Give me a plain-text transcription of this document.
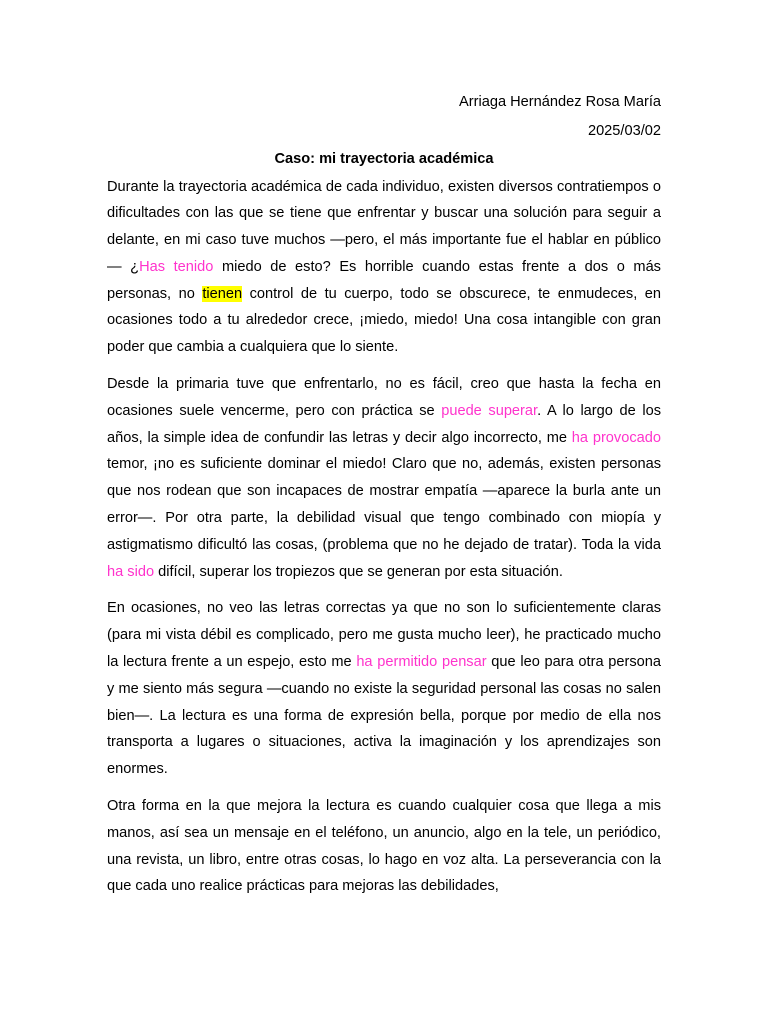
Arriaga Hernández Rosa María
2025/03/02
Caso: mi trayectoria académica

Durante la trayectoria académica de cada individuo, existen diversos contratiempos o dificultades con las que se tiene que enfrentar y buscar una solución para seguir a delante, en mi caso tuve muchos —pero, el más importante fue el hablar en público— ¿Has tenido miedo de esto? Es horrible cuando estas frente a dos o más personas, no tienen control de tu cuerpo, todo se obscurece, te enmudeces, en ocasiones todo a tu alrededor crece, ¡miedo, miedo! Una cosa intangible con gran poder que cambia a cualquiera que lo siente.

Desde la primaria tuve que enfrentarlo, no es fácil, creo que hasta la fecha en ocasiones suele vencerme, pero con práctica se puede superar. A lo largo de los años, la simple idea de confundir las letras y decir algo incorrecto, me ha provocado temor, ¡no es suficiente dominar el miedo! Claro que no, además, existen personas que nos rodean que son incapaces de mostrar empatía —aparece la burla ante un error—. Por otra parte, la debilidad visual que tengo combinado con miopía y astigmatismo dificultó las cosas, (problema que no he dejado de tratar). Toda la vida ha sido difícil, superar los tropiezos que se generan por esta situación.

En ocasiones, no veo las letras correctas ya que no son lo suficientemente claras (para mi vista débil es complicado, pero me gusta mucho leer), he practicado mucho la lectura frente a un espejo, esto me ha permitido pensar que leo para otra persona y me siento más segura —cuando no existe la seguridad personal las cosas no salen bien—. La lectura es una forma de expresión bella, porque por medio de ella nos transporta a lugares o situaciones, activa la imaginación y los aprendizajes son enormes.

Otra forma en la que mejora la lectura es cuando cualquier cosa que llega a mis manos, así sea un mensaje en el teléfono, un anuncio, algo en la tele, un periódico, una revista, un libro, entre otras cosas, lo hago en voz alta. La perseverancia con la que cada uno realice prácticas para mejoras las debilidades,
